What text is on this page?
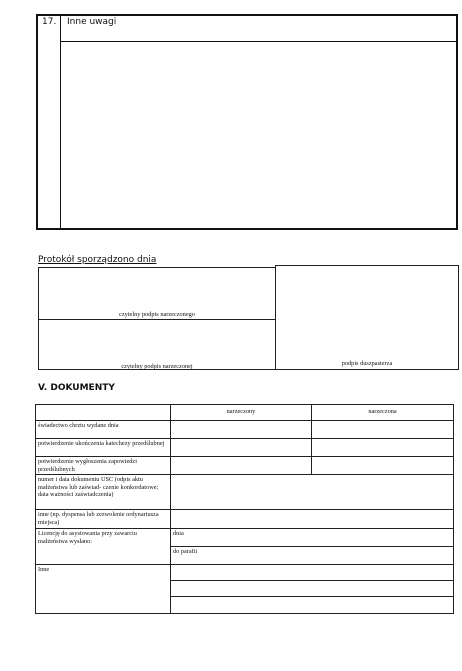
17. Inne uwagi
Protokół sporządzono dnia
czytelny podpis narzeczonego
czytelny podpis narzeczonej	podpis duszpasterza
V. DOKUMENTY
narzeczony	narzeczona
świadectwo chrztu wydane dnia
potwierdzenie ukończenia katechezy przedślubnej
potwierdzenie wygłoszenia zapowiedzi przedślubnych
numer i data dokumentu USC (odpis aktu małżeństwa lub zaświad- czenie konkordatowe; data ważności zaświadczenia)
inne (np. dyspensa lub zezwolenie ordynariusza miejsca)
Licencję do asystowania przy zawarciu małżeństwa wysłano:
dnia
do parafii
Inne
